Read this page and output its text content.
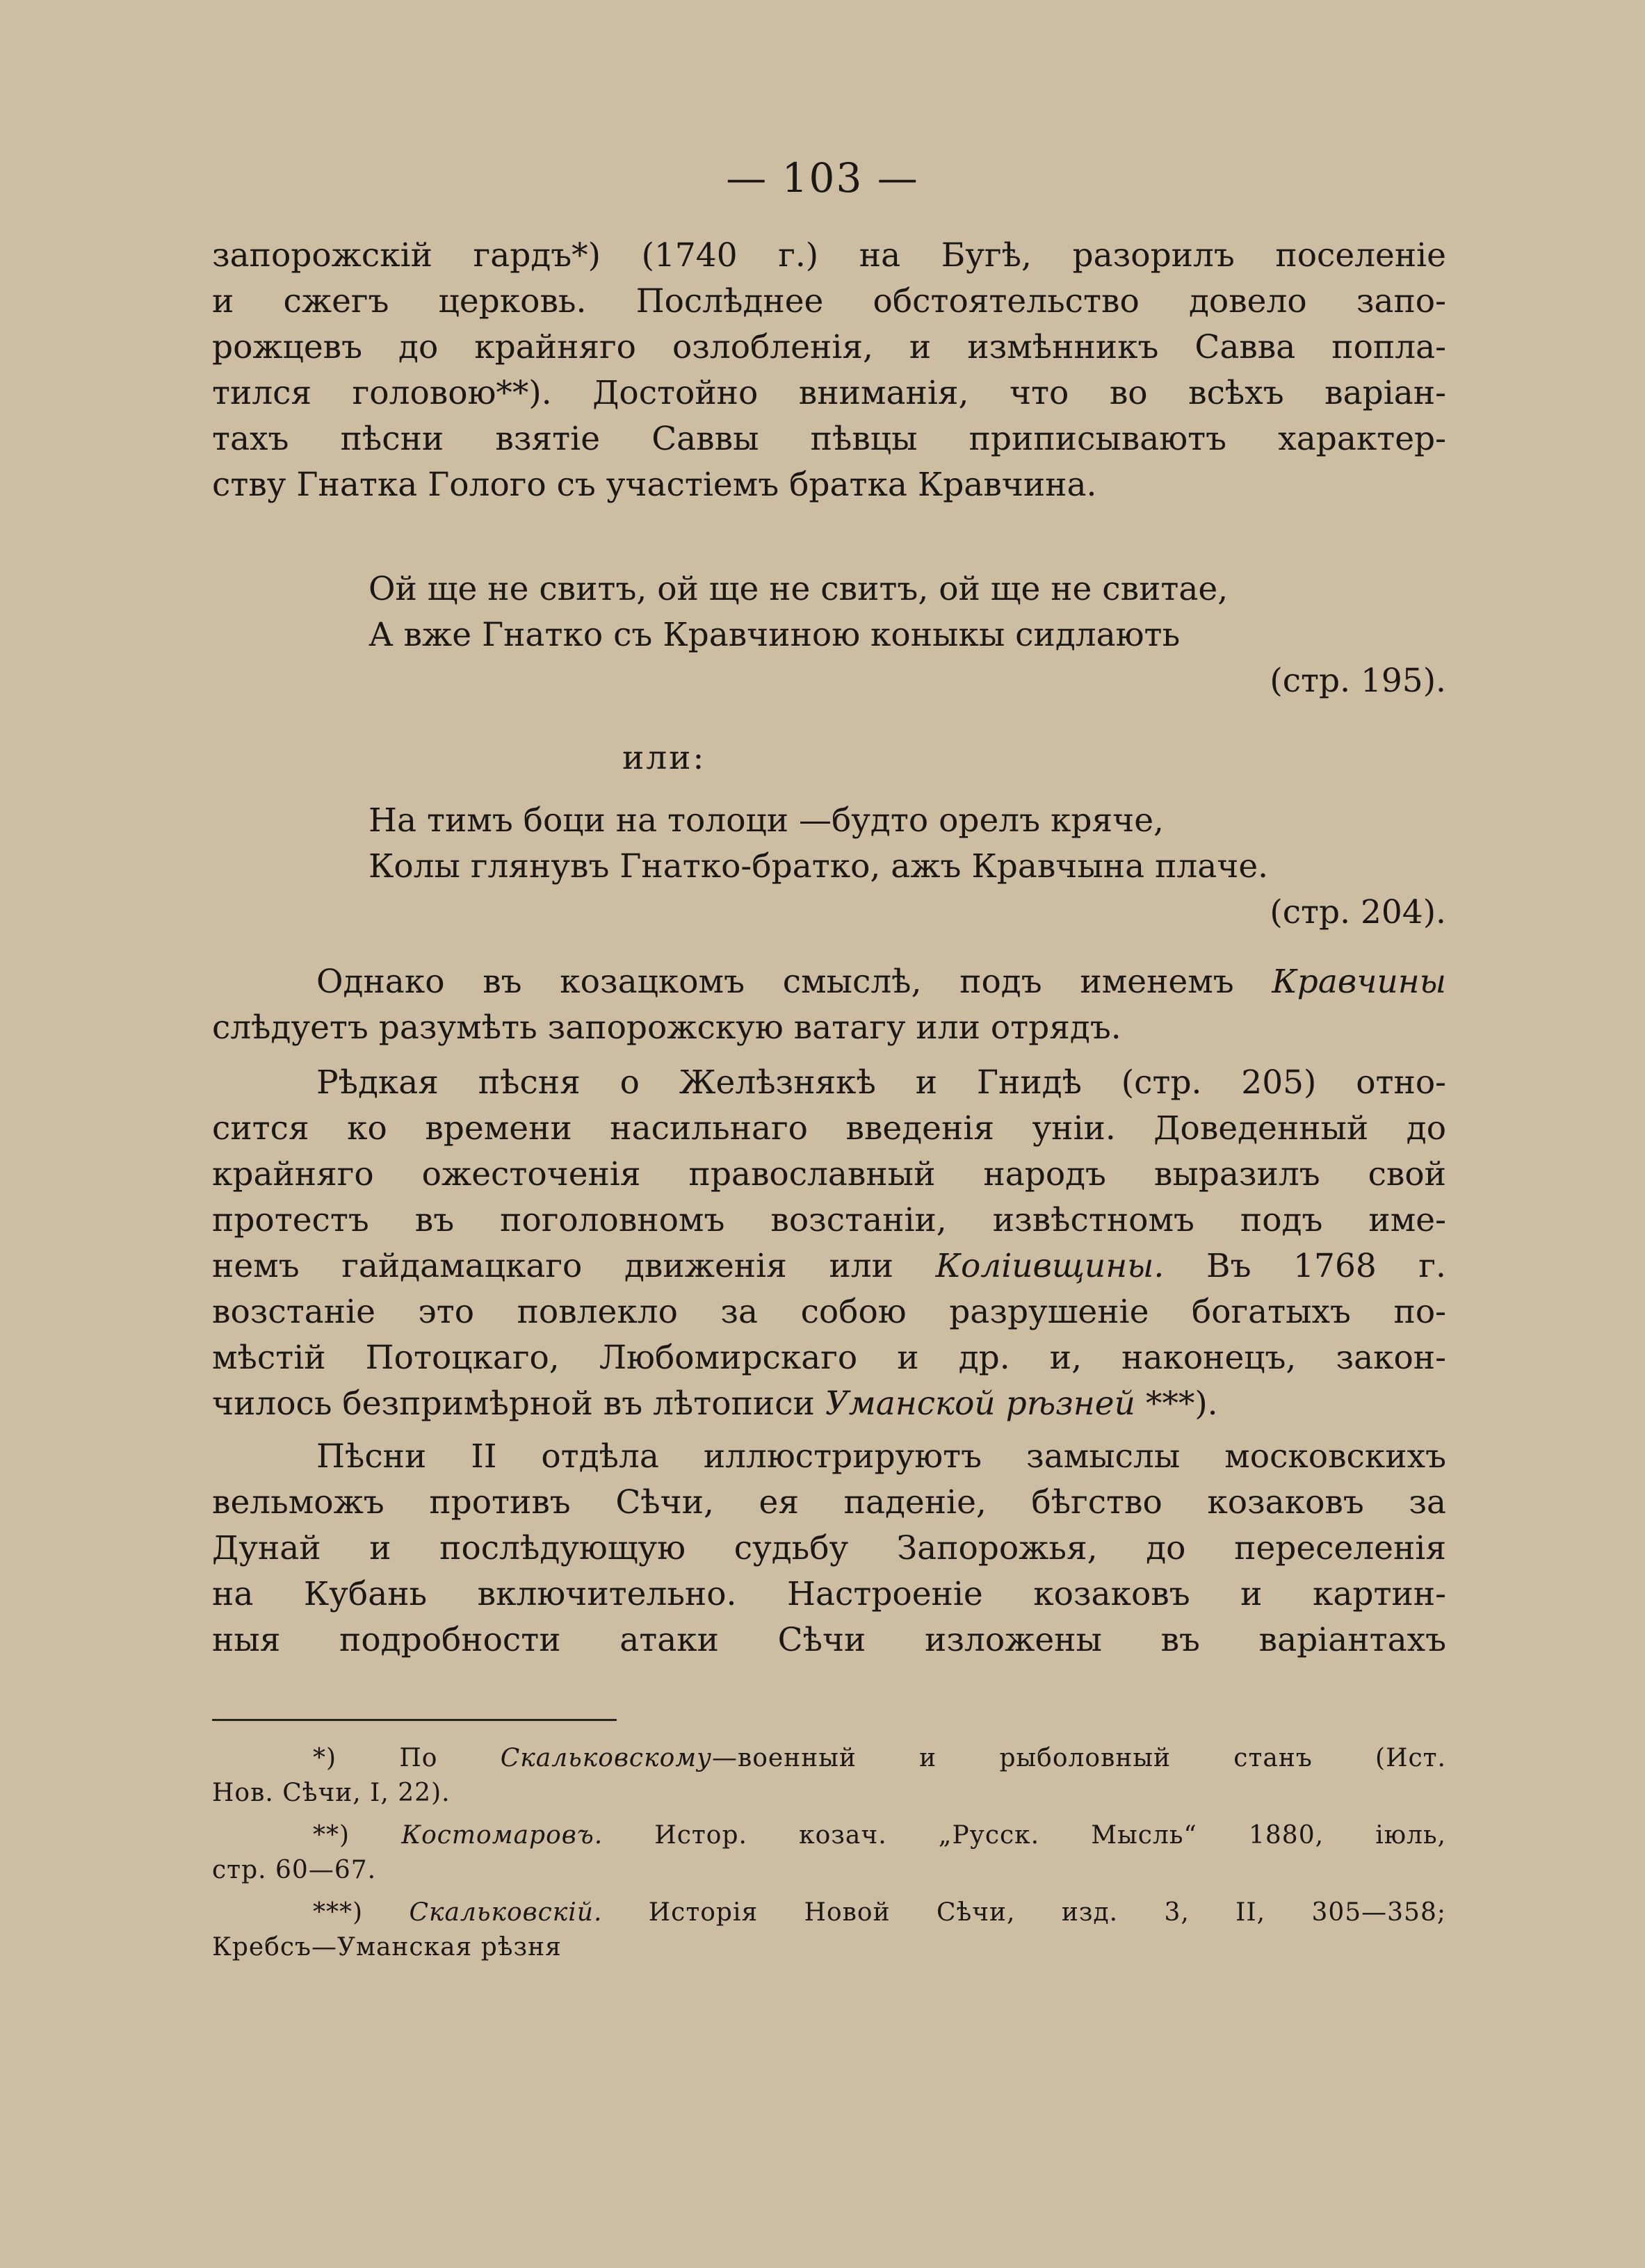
— 103 —
запорожскій гардъ*) (1740 г.) на Бугѣ, разорилъ поселеніе
и сжегъ церковь. Послѣднее обстоятельство довело запо-
рожцевъ до крайняго озлобленія, и измѣнникъ Савва попла-
тился головою**). Достойно вниманія, что во всѣхъ варіан-
тахъ пѣсни взятіе Саввы пѣвцы приписываютъ характер-
ству Гнатка Голого съ участіемъ братка Кравчина.
Ой ще не свитъ, ой ще не свитъ, ой ще не свитае,
А вже Гнатко съ Кравчиною коныкы сидлають
(стр. 195).
или:
На тимъ боци на толоци —будто орелъ кряче,
Колы глянувъ Гнатко-братко, ажъ Кравчына плаче.
(стр. 204).
Однако въ козацкомъ смыслѣ, подъ именемъ Кравчины
слѣдуетъ разумѣть запорожскую ватагу или отрядъ.
Рѣдкая пѣсня о Желѣзнякѣ и Гнидѣ (стр. 205) отно-
сится ко времени насильнаго введенія уніи. Доведенный до
крайняго ожесточенія православный народъ выразилъ свой
протестъ въ поголовномъ возстаніи, извѣстномъ подъ име-
немъ гайдамацкаго движенія или Колiивщины. Въ 1768 г.
возстаніе это повлекло за собою разрушеніе богатыхъ по-
мѣстій Потоцкаго, Любомирскаго и др. и, наконецъ, закон-
чилось безпримѣрной въ лѣтописи Уманской рѣзней ***).
Пѣсни II отдѣла иллюстрируютъ замыслы московскихъ
вельможъ противъ Сѣчи, ея паденіе, бѣгство козаковъ за
Дунай и послѣдующую судьбу Запорожья, до переселенія
на Кубань включительно. Настроеніе козаковъ и картин-
ныя подробности атаки Сѣчи изложены въ варіантахъ
*) По Скальковскому—военный и рыболовный станъ (Ист.
Нов. Сѣчи, I, 22).
**) Костомаровъ. Истор. козач. „Русск. Мысль“ 1880, іюль,
стр. 60—67.
***) Скальковскій. Исторія Новой Сѣчи, изд. 3, II, 305—358;
Кребсъ—Уманская рѣзня
